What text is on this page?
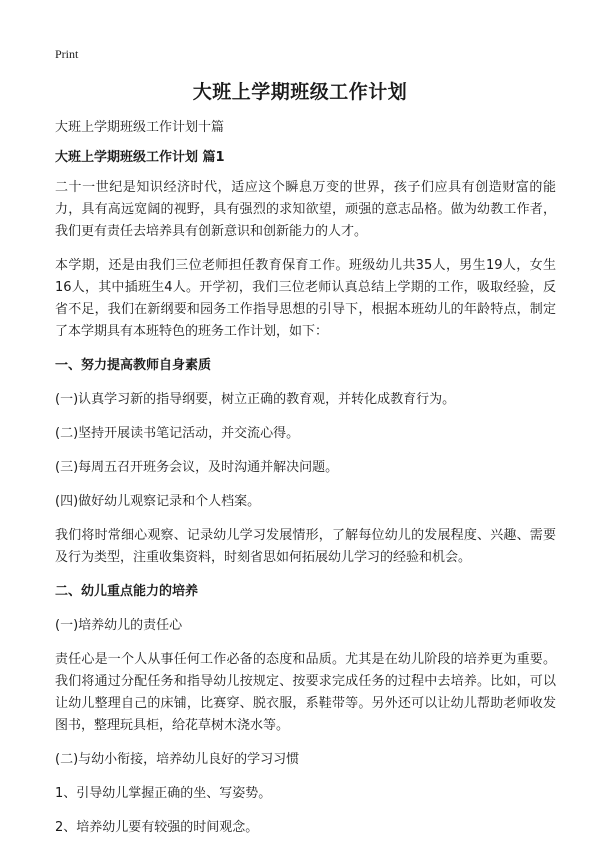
Print
大班上学期班级工作计划

大班上学期班级工作计划十篇

大班上学期班级工作计划 篇1

二十一世纪是知识经济时代，适应这个瞬息万变的世界，孩子们应具有创造财富的能力，具有高远宽阔的视野，具有强烈的求知欲望，顽强的意志品格。做为幼教工作者，我们更有责任去培养具有创新意识和创新能力的人才。

本学期，还是由我们三位老师担任教育保育工作。班级幼儿共35人，男生19人，女生16人，其中插班生4人。开学初，我们三位老师认真总结上学期的工作，吸取经验，反省不足，我们在新纲要和园务工作指导思想的引导下，根据本班幼儿的年龄特点，制定了本学期具有本班特色的班务工作计划，如下：

一、努力提高教师自身素质

(一)认真学习新的指导纲要，树立正确的教育观，并转化成教育行为。

(二)坚持开展读书笔记活动，并交流心得。

(三)每周五召开班务会议，及时沟通并解决问题。

(四)做好幼儿观察记录和个人档案。

我们将时常细心观察、记录幼儿学习发展情形，了解每位幼儿的发展程度、兴趣、需要及行为类型，注重收集资料，时刻省思如何拓展幼儿学习的经验和机会。

二、幼儿重点能力的培养

(一)培养幼儿的责任心

责任心是一个人从事任何工作必备的态度和品质。尤其是在幼儿阶段的培养更为重要。我们将通过分配任务和指导幼儿按规定、按要求完成任务的过程中去培养。比如，可以让幼儿整理自己的床铺，比赛穿、脱衣服，系鞋带等。另外还可以让幼儿帮助老师收发图书，整理玩具柜，给花草树木浇水等。

(二)与幼小衔接，培养幼儿良好的学习习惯

1、引导幼儿掌握正确的坐、写姿势。

2、培养幼儿要有较强的时间观念。
